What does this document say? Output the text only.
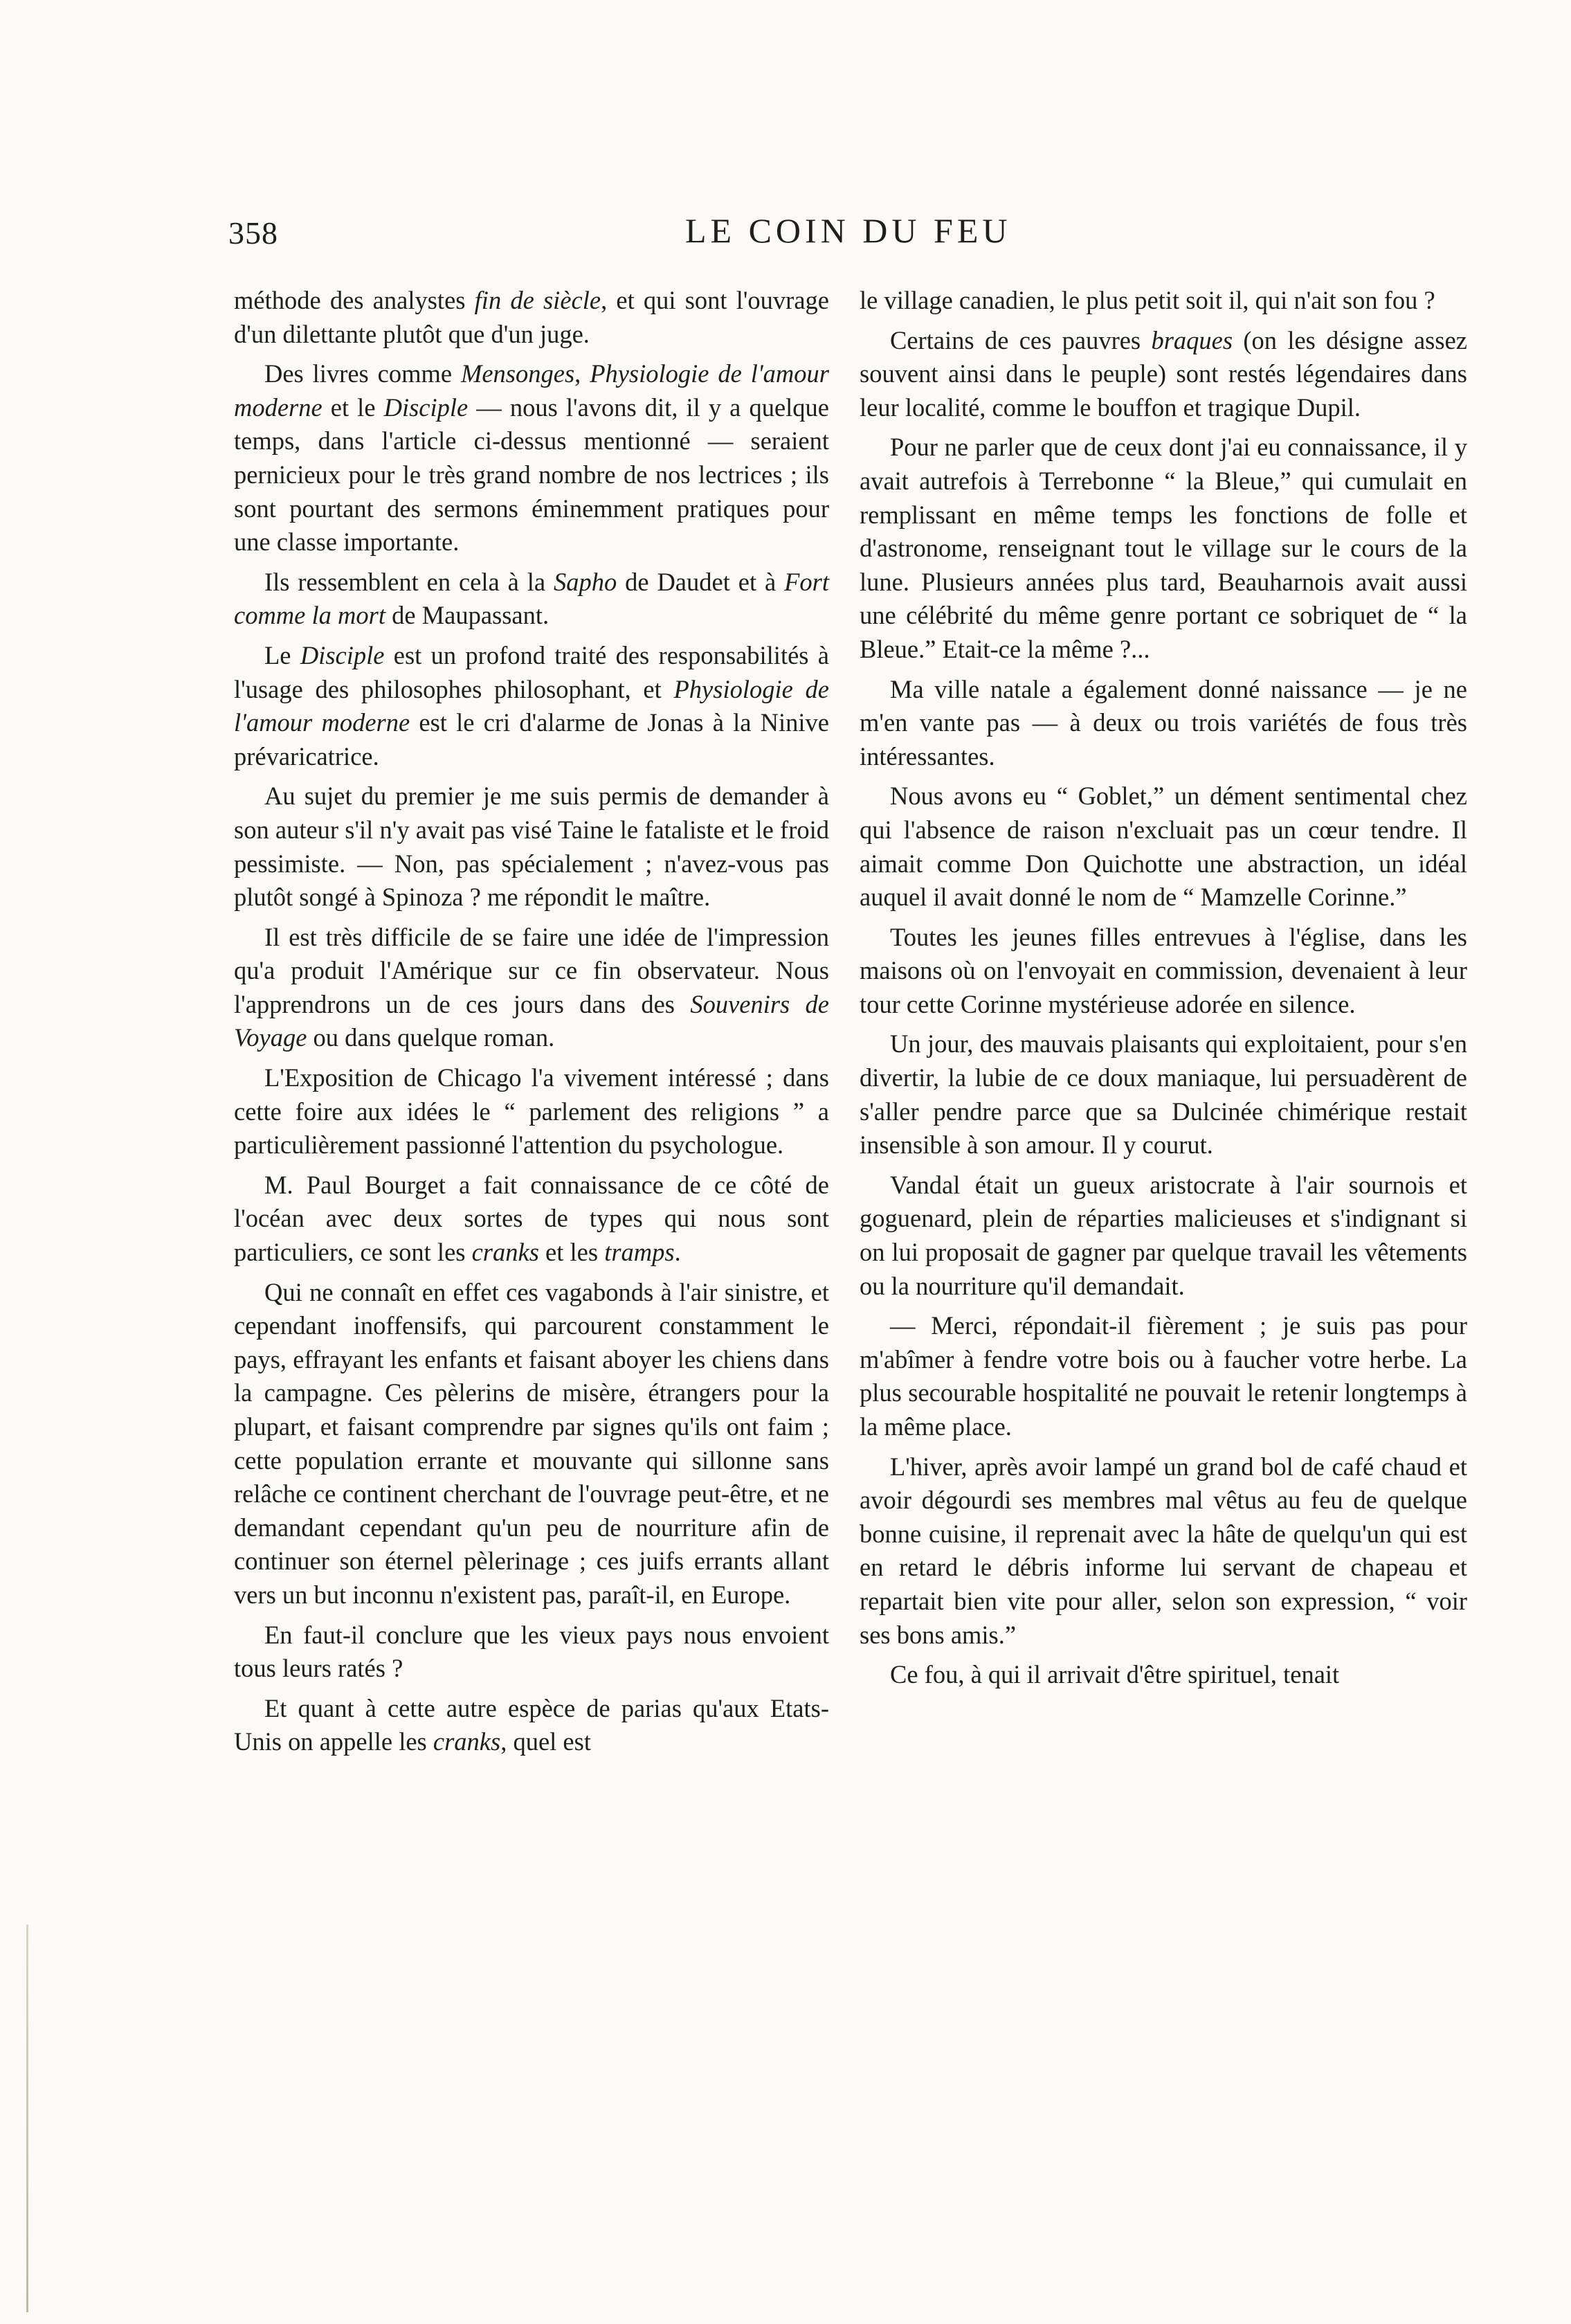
358	LE COIN DU FEU

méthode des analystes fin de siècle, et qui sont l'ouvrage d'un dilettante plutôt que d'un juge.

Des livres comme Mensonges, Physiologie de l'amour moderne et le Disciple — nous l'avons dit, il y a quelque temps, dans l'article ci-dessus mentionné — seraient pernicieux pour le très grand nombre de nos lectrices ; ils sont pourtant des sermons éminemment pratiques pour une classe importante.

Ils ressemblent en cela à la Sapho de Daudet et à Fort comme la mort de Maupassant.

Le Disciple est un profond traité des responsabilités à l'usage des philosophes philosophant, et Physiologie de l'amour moderne est le cri d'alarme de Jonas à la Ninive prévaricatrice.

Au sujet du premier je me suis permis de demander à son auteur s'il n'y avait pas visé Taine le fataliste et le froid pessimiste. — Non, pas spécialement ; n'avez-vous pas plutôt songé à Spinoza ? me répondit le maître.

Il est très difficile de se faire une idée de l'impression qu'a produit l'Amérique sur ce fin observateur. Nous l'apprendrons un de ces jours dans des Souvenirs de Voyage ou dans quelque roman.

L'Exposition de Chicago l'a vivement intéressé ; dans cette foire aux idées le “ parlement des religions ” a particulièrement passionné l'attention du psychologue.

M. Paul Bourget a fait connaissance de ce côté de l'océan avec deux sortes de types qui nous sont particuliers, ce sont les cranks et les tramps.

Qui ne connaît en effet ces vagabonds à l'air sinistre, et cependant inoffensifs, qui parcourent constamment le pays, effrayant les enfants et faisant aboyer les chiens dans la campagne. Ces pèlerins de misère, étrangers pour la plupart, et faisant comprendre par signes qu'ils ont faim ; cette population errante et mouvante qui sillonne sans relâche ce continent cherchant de l'ouvrage peut-être, et ne demandant cependant qu'un peu de nourriture afin de continuer son éternel pèlerinage ; ces juifs errants allant vers un but inconnu n'existent pas, paraît-il, en Europe.

En faut-il conclure que les vieux pays nous envoient tous leurs ratés ?

Et quant à cette autre espèce de parias qu'aux Etats-Unis on appelle les cranks, quel est

le village canadien, le plus petit soit il, qui n'ait son fou ?

Certains de ces pauvres braques (on les désigne assez souvent ainsi dans le peuple) sont restés légendaires dans leur localité, comme le bouffon et tragique Dupil.

Pour ne parler que de ceux dont j'ai eu connaissance, il y avait autrefois à Terrebonne “ la Bleue,” qui cumulait en remplissant en même temps les fonctions de folle et d'astronome, renseignant tout le village sur le cours de la lune. Plusieurs années plus tard, Beauharnois avait aussi une célébrité du même genre portant ce sobriquet de “ la Bleue.” Etait-ce la même ?...

Ma ville natale a également donné naissance — je ne m'en vante pas — à deux ou trois variétés de fous très intéressantes.

Nous avons eu “ Goblet,” un dément sentimental chez qui l'absence de raison n'excluait pas un cœur tendre. Il aimait comme Don Quichotte une abstraction, un idéal auquel il avait donné le nom de “ Mamzelle Corinne.”

Toutes les jeunes filles entrevues à l'église, dans les maisons où on l'envoyait en commission, devenaient à leur tour cette Corinne mystérieuse adorée en silence.

Un jour, des mauvais plaisants qui exploitaient, pour s'en divertir, la lubie de ce doux maniaque, lui persuadèrent de s'aller pendre parce que sa Dulcinée chimérique restait insensible à son amour. Il y courut.

Vandal était un gueux aristocrate à l'air sournois et goguenard, plein de réparties malicieuses et s'indignant si on lui proposait de gagner par quelque travail les vêtements ou la nourriture qu'il demandait.

— Merci, répondait-il fièrement ; je suis pas pour m'abîmer à fendre votre bois ou à faucher votre herbe. La plus secourable hospitalité ne pouvait le retenir longtemps à la même place.

L'hiver, après avoir lampé un grand bol de café chaud et avoir dégourdi ses membres mal vêtus au feu de quelque bonne cuisine, il reprenait avec la hâte de quelqu'un qui est en retard le débris informe lui servant de chapeau et repartait bien vite pour aller, selon son expression, “ voir ses bons amis.”

Ce fou, à qui il arrivait d'être spirituel, tenait
